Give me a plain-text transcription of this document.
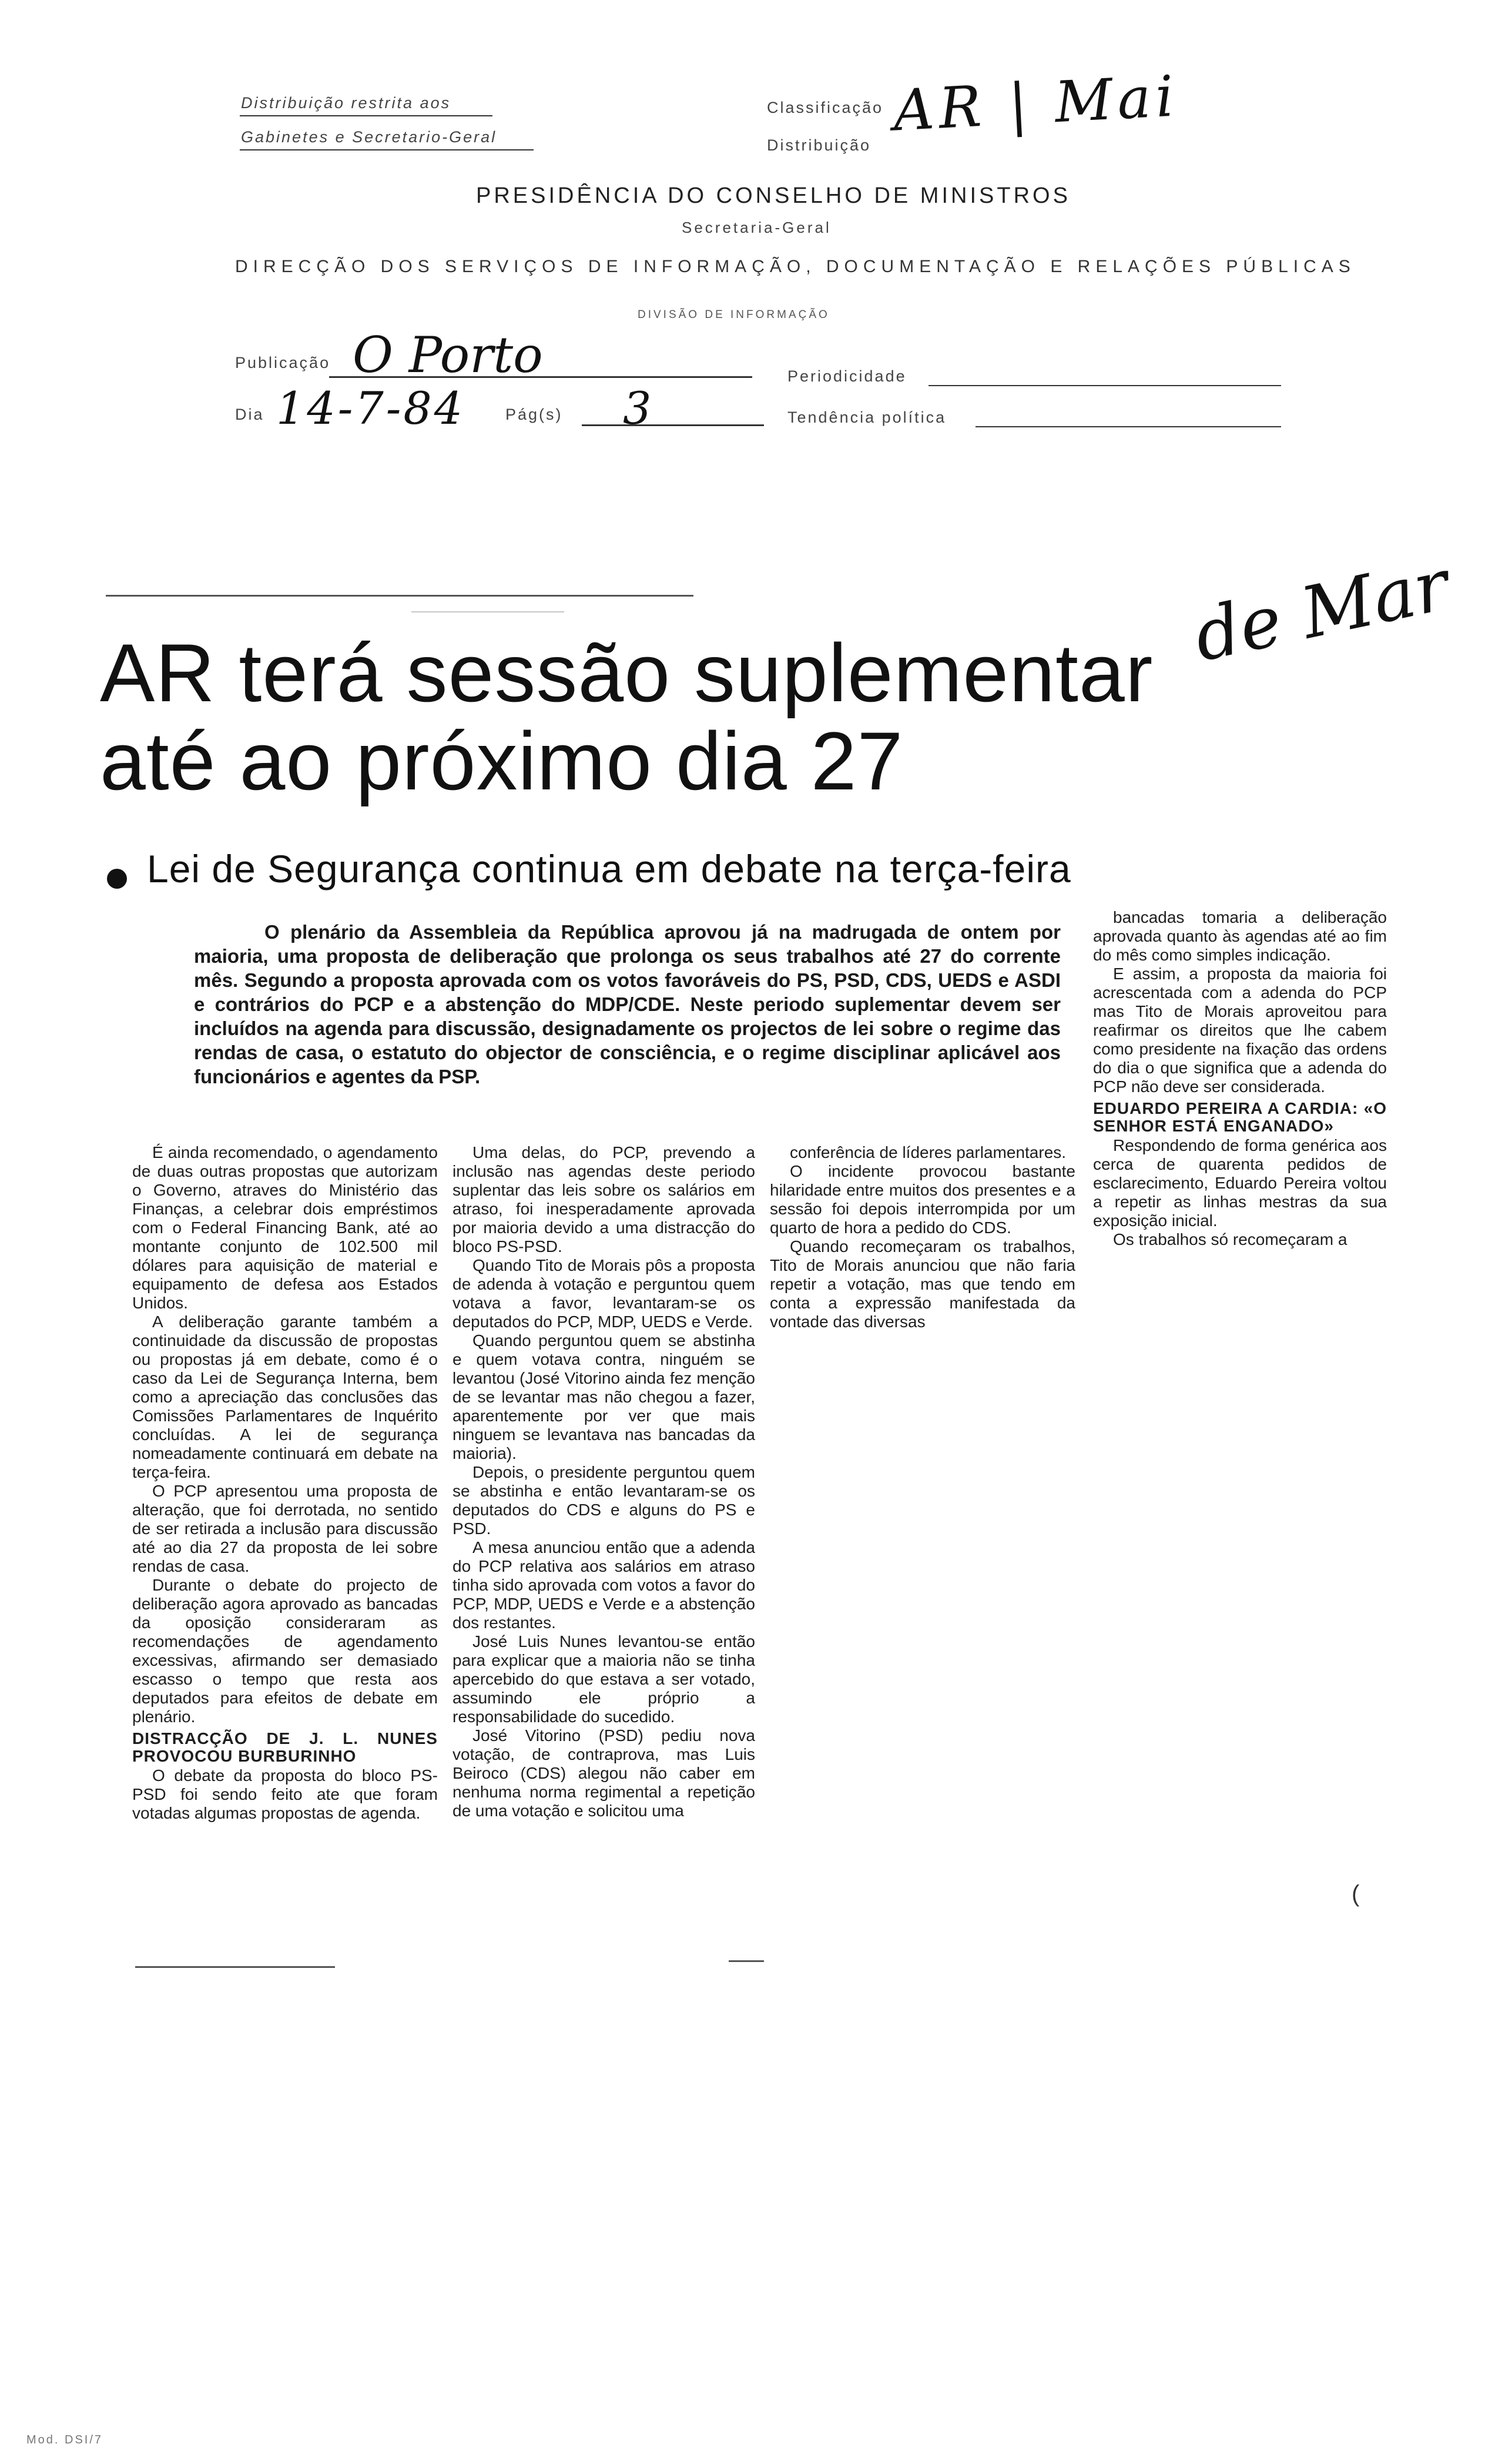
Distribuição restrita aos
Gabinetes e Secretario-Geral
Classificação AR | Mai
Distribuição
PRESIDÊNCIA DO CONSELHO DE MINISTROS
Secretaria-Geral
DIRECÇÃO DOS SERVIÇOS DE INFORMAÇÃO, DOCUMENTAÇÃO E RELAÇÕES PÚBLICAS
DIVISÃO DE INFORMAÇÃO
Publicação O Porto	Periodicidade
Dia 14-7-84	Pág(s) 3	Tendência política
de Mar
AR terá sessão suplementar
até ao próximo dia 27
Lei de Segurança continua em debate na terça-feira
O plenário da Assembleia da República aprovou já na madrugada de ontem por maioria, uma proposta de deliberação que prolonga os seus trabalhos até 27 do corrente mês. Segundo a proposta aprovada com os votos favoráveis do PS, PSD, CDS, UEDS e ASDI e contrários do PCP e a abstenção do MDP/CDE. Neste periodo suplementar devem ser incluídos na agenda para discussão, designadamente os projectos de lei sobre o regime das rendas de casa, o estatuto do objector de consciência, e o regime disciplinar aplicável aos funcionários e agentes da PSP.

É ainda recomendado, o agendamento de duas outras propostas que autorizam o Governo, atraves do Ministério das Finanças, a celebrar dois empréstimos com o Federal Financing Bank, até ao montante conjunto de 102.500 mil dólares para aquisição de material e equipamento de defesa aos Estados Unidos.

A deliberação garante também a continuidade da discussão de propostas ou propostas já em debate, como é o caso da Lei de Segurança Interna, bem como a apreciação das conclusões das Comissões Parlamentares de Inquérito concluídas. A lei de segurança nomeadamente continuará em debate na terça-feira.

O PCP apresentou uma proposta de alteração, que foi derrotada, no sentido de ser retirada a inclusão para discussão até ao dia 27 da proposta de lei sobre rendas de casa.

Durante o debate do projecto de deliberação agora aprovado as bancadas da oposição consideraram as recomendações de agendamento excessivas, afirmando ser demasiado escasso o tempo que resta aos deputados para efeitos de debate em plenário.

DISTRACÇÃO DE J. L. NUNES PROVOCOU BURBURINHO

O debate da proposta do bloco PS-PSD foi sendo feito ate que foram votadas algumas propostas de agenda.

Uma delas, do PCP, prevendo a inclusão nas agendas deste periodo suplentar das leis sobre os salários em atraso, foi inesperadamente aprovada por maioria devido a uma distracção do bloco PS-PSD.

Quando Tito de Morais pôs a proposta de adenda à votação e perguntou quem votava a favor, levantaram-se os deputados do PCP, MDP, UEDS e Verde.

Quando perguntou quem se abstinha e quem votava contra, ninguém se levantou (José Vitorino ainda fez menção de se levantar mas não chegou a fazer, aparentemente por ver que mais ninguem se levantava nas bancadas da maioria).

Depois, o presidente perguntou quem se abstinha e então levantaram-se os deputados do CDS e alguns do PS e PSD.

A mesa anunciou então que a adenda do PCP relativa aos salários em atraso tinha sido aprovada com votos a favor do PCP, MDP, UEDS e Verde e a abstenção dos restantes.

José Luis Nunes levantou-se então para explicar que a maioria não se tinha apercebido do que estava a ser votado, assumindo ele próprio a responsabilidade do sucedido.

José Vitorino (PSD) pediu nova votação, de contraprova, mas Luis Beiroco (CDS) alegou não caber em nenhuma norma regimental a repetição de uma votação e solicitou uma

conferência de líderes parlamentares.

O incidente provocou bastante hilaridade entre muitos dos presentes e a sessão foi depois interrompida por um quarto de hora a pedido do CDS.

Quando recomeçaram os trabalhos, Tito de Morais anunciou que não faria repetir a votação, mas que tendo em conta a expressão manifestada da vontade das diversas

bancadas tomaria a deliberação aprovada quanto às agendas até ao fim do mês como simples indicação.

E assim, a proposta da maioria foi acrescentada com a adenda do PCP mas Tito de Morais aproveitou para reafirmar os direitos que lhe cabem como presidente na fixação das ordens do dia o que significa que a adenda do PCP não deve ser considerada.

EDUARDO PEREIRA A CARDIA: «O SENHOR ESTÁ ENGANADO»

Respondendo de forma genérica aos cerca de quarenta pedidos de esclarecimento, Eduardo Pereira voltou a repetir as linhas mestras da sua exposição inicial.

Os trabalhos só recomeçaram a

(
Mod. DSI/7
